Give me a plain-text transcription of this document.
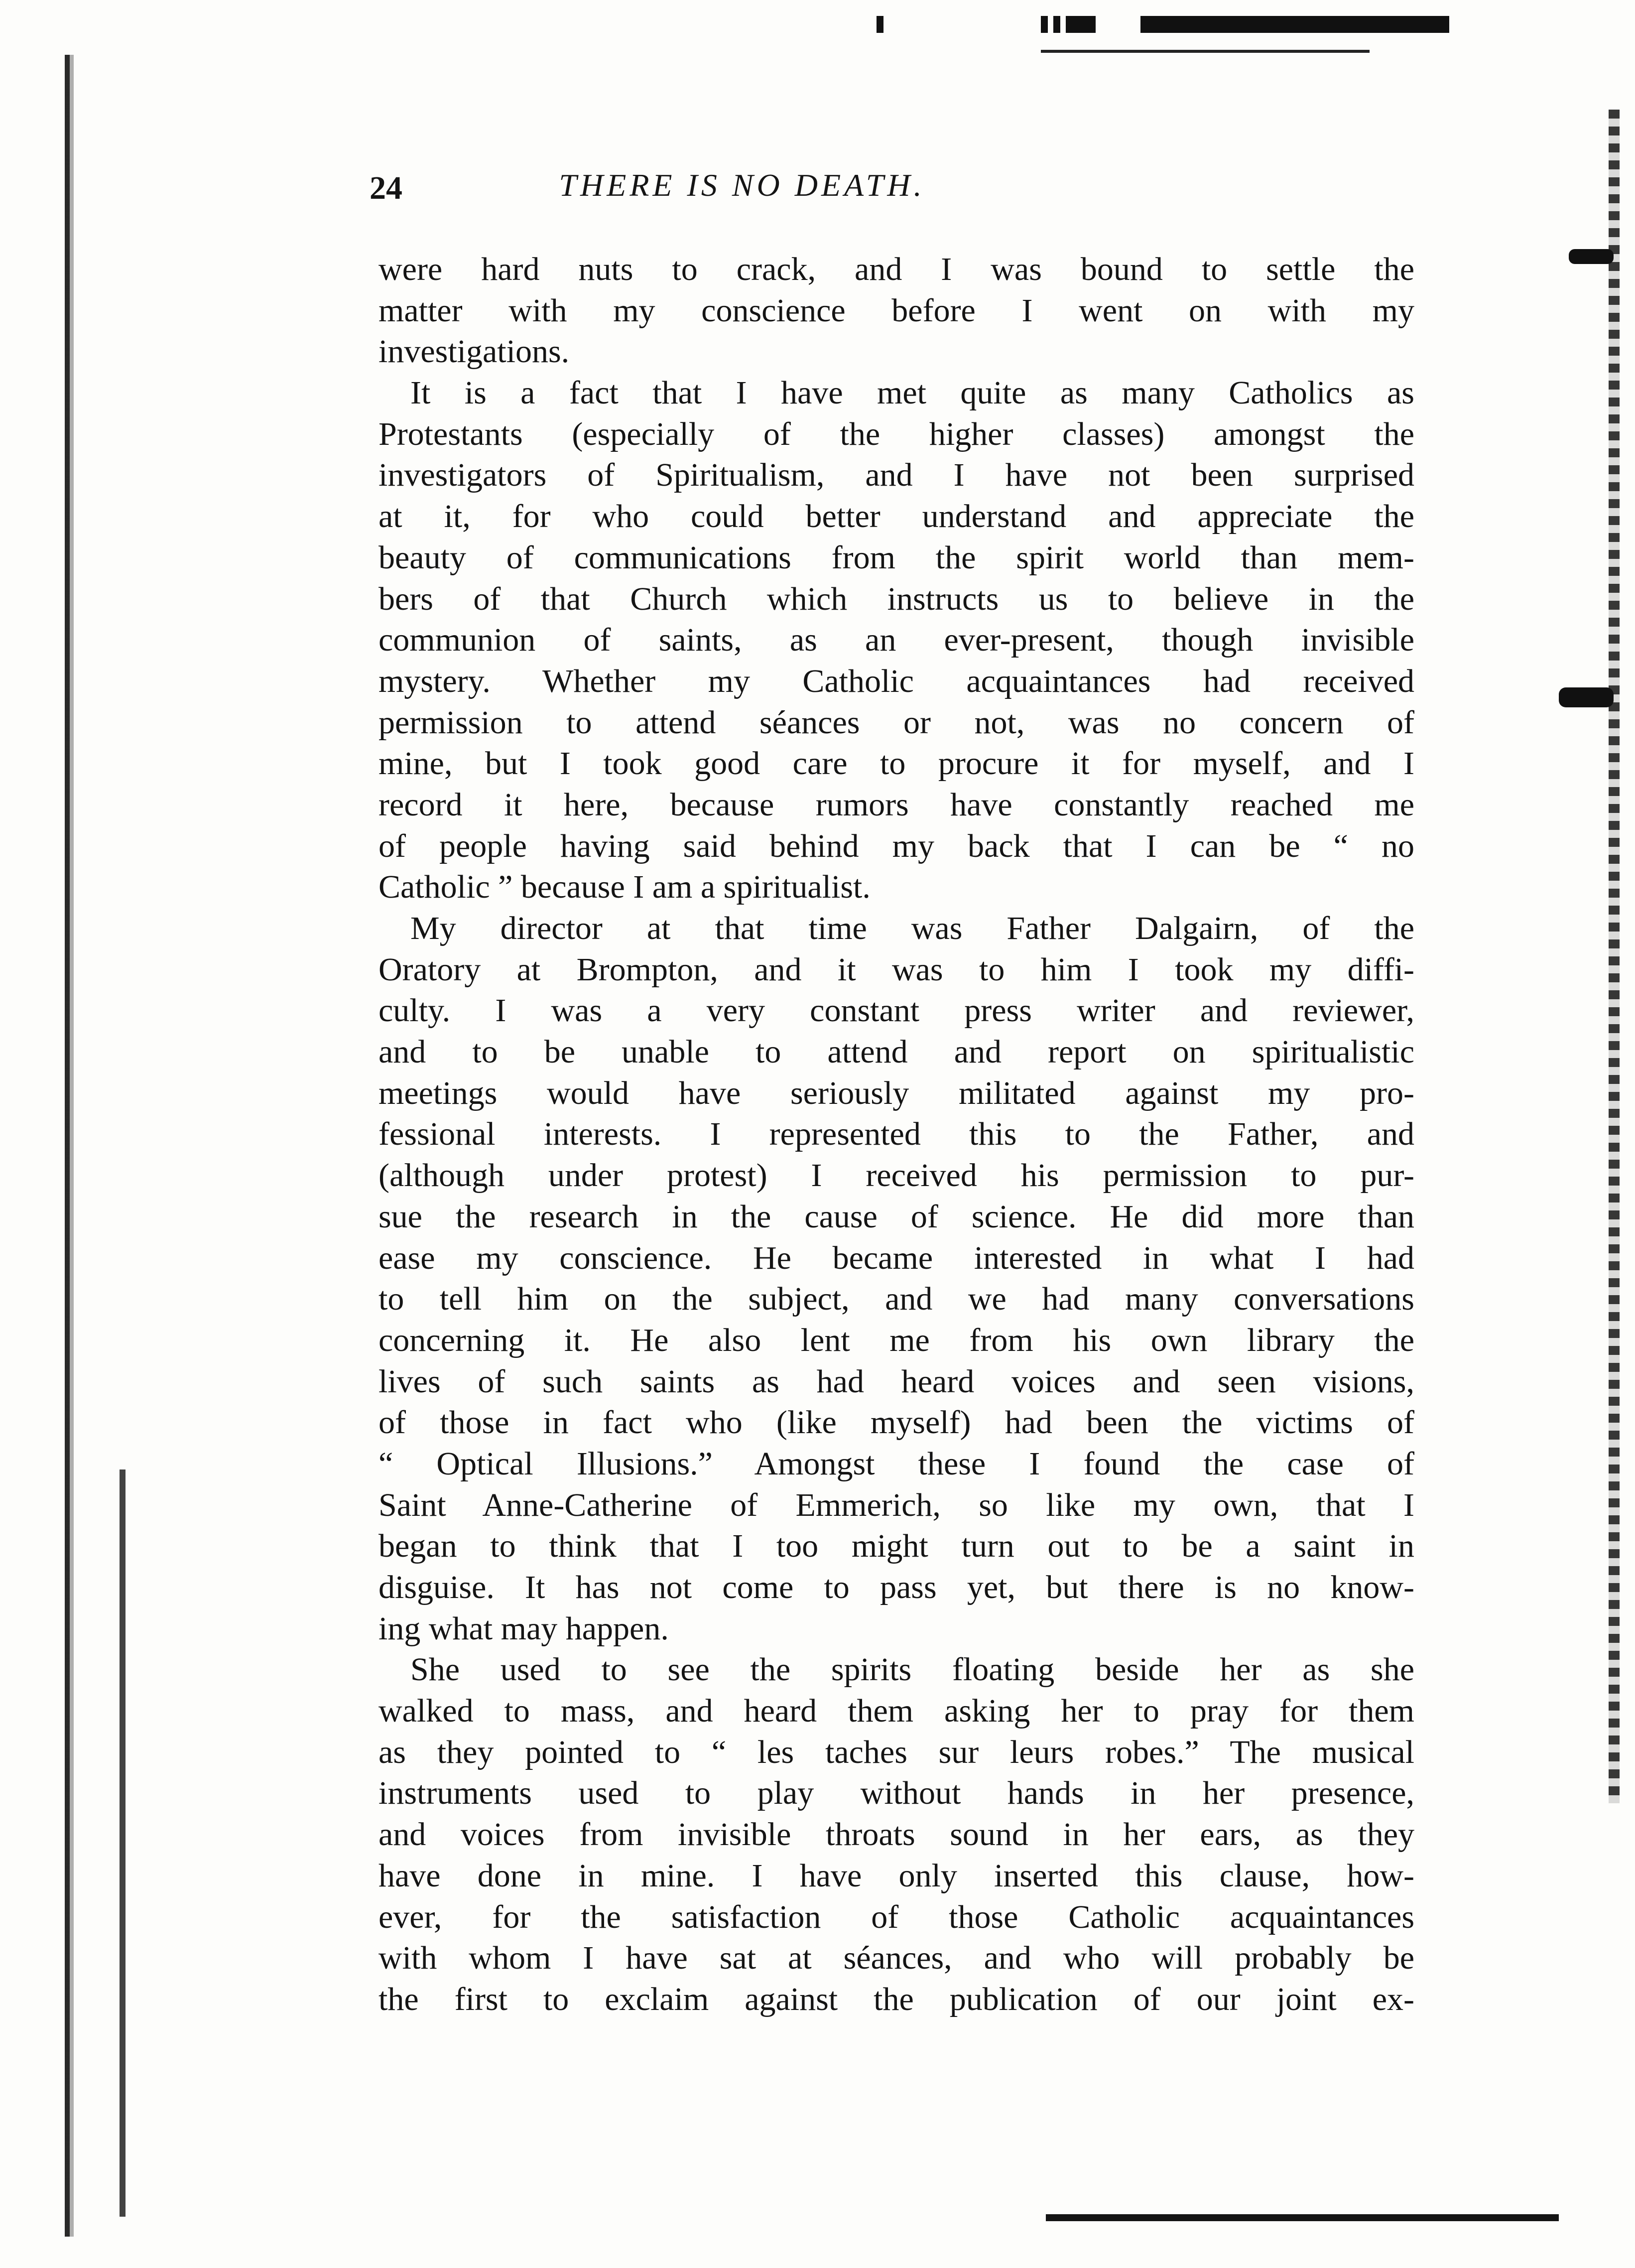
24	THERE IS NO DEATH.
were hard nuts to crack, and I was bound to settle the
matter with my conscience before I went on with my
investigations.
It is a fact that I have met quite as many Catholics as
Protestants (especially of the higher classes) amongst the
investigators of Spiritualism, and I have not been surprised
at it, for who could better understand and appreciate the
beauty of communications from the spirit world than mem-
bers of that Church which instructs us to believe in the
communion of saints, as an ever-present, though invisible
mystery. Whether my Catholic acquaintances had received
permission to attend séances or not, was no concern of
mine, but I took good care to procure it for myself, and I
record it here, because rumors have constantly reached me
of people having said behind my back that I can be “ no
Catholic ” because I am a spiritualist.
My director at that time was Father Dalgairn, of the
Oratory at Brompton, and it was to him I took my diffi-
culty. I was a very constant press writer and reviewer,
and to be unable to attend and report on spiritualistic
meetings would have seriously militated against my pro-
fessional interests. I represented this to the Father, and
(although under protest) I received his permission to pur-
sue the research in the cause of science. He did more than
ease my conscience. He became interested in what I had
to tell him on the subject, and we had many conversations
concerning it. He also lent me from his own library the
lives of such saints as had heard voices and seen visions,
of those in fact who (like myself) had been the victims of
“ Optical Illusions.” Amongst these I found the case of
Saint Anne-Catherine of Emmerich, so like my own, that I
began to think that I too might turn out to be a saint in
disguise. It has not come to pass yet, but there is no know-
ing what may happen.
She used to see the spirits floating beside her as she
walked to mass, and heard them asking her to pray for them
as they pointed to “ les taches sur leurs robes.” The musical
instruments used to play without hands in her presence,
and voices from invisible throats sound in her ears, as they
have done in mine. I have only inserted this clause, how-
ever, for the satisfaction of those Catholic acquaintances
with whom I have sat at séances, and who will probably be
the first to exclaim against the publication of our joint ex-
